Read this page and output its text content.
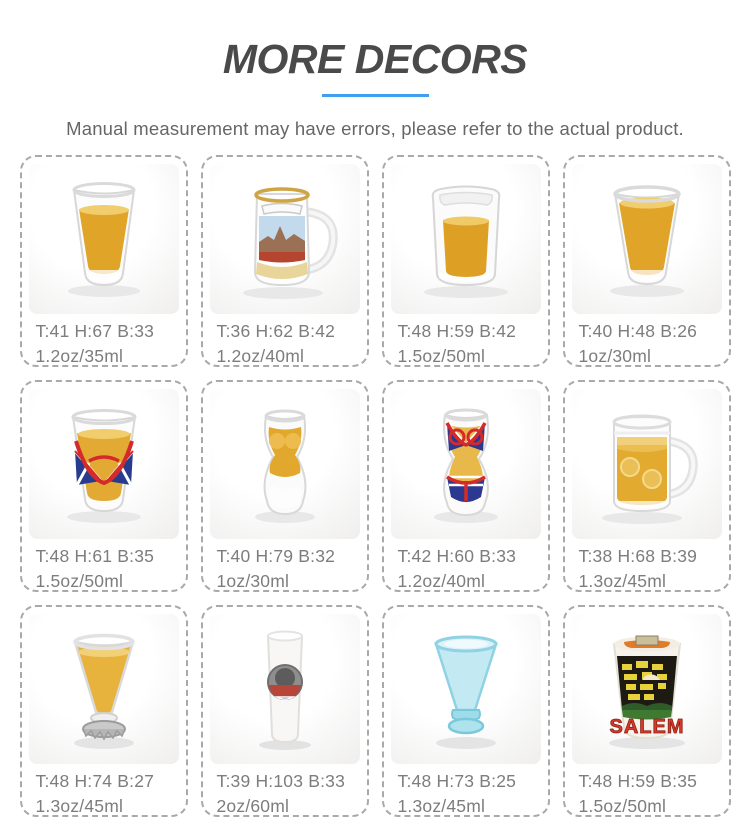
MORE DECORS
Manual measurement may have errors, please refer to the actual product.
T:41 H:67 B:33
1.2oz/35ml
T:36 H:62 B:42
1.2oz/40ml
T:48 H:59 B:42
1.5oz/50ml
T:40 H:48 B:26
1oz/30ml
T:48 H:61 B:35
1.5oz/50ml
T:40 H:79 B:32
1oz/30ml
T:42 H:60 B:33
1.2oz/40ml
T:38 H:68 B:39
1.3oz/45ml
T:48 H:74 B:27
1.3oz/45ml
T:39 H:103 B:33
2oz/60ml
T:48 H:73 B:25
1.3oz/45ml
SALEM
T:48 H:59 B:35
1.5oz/50ml
